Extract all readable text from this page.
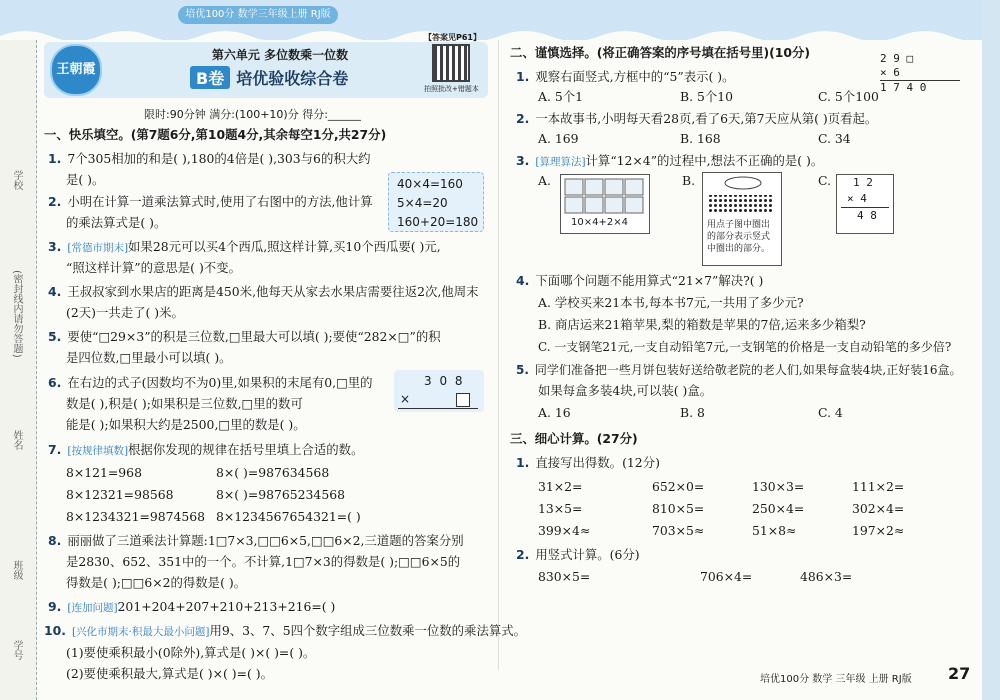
培优100分 数学三年级上册 RJ版
学校
(密封线内请勿答题)
姓名
班级
学号
王朝霞
第六单元 多位数乘一位数
B卷 培优验收综合卷
【答案见P61】
拍照批改+错题本
限时:90分钟 满分:(100+10)分 得分:______
一、快乐填空。(第7题6分,第10题4分,其余每空1分,共27分)
1. 7个305相加的和是( ),180的4倍是( ),303与6的积大约
是( )。
2. 小明在计算一道乘法算式时,使用了右图中的方法,他计算
的乘法算式是( )。
40×4=160
5×4=20
160+20=180
3. [常德市期末]如果28元可以买4个西瓜,照这样计算,买10个西瓜要( )元,
“照这样计算”的意思是( )不变。
4. 王叔叔家到水果店的距离是450米,他每天从家去水果店需要往返2次,他周末
(2天)一共走了( )米。
5. 要使“□29×3”的积是三位数,□里最大可以填( );要使“282×□”的积
是四位数,□里最小可以填( )。
6. 在右边的式子(因数均不为0)里,如果积的末尾有0,□里的
数是( ),积是( );如果积是三位数,□里的数可
能是( );如果积大约是2500,□里的数是( )。
3 0 8
×
7. [按规律填数]根据你发现的规律在括号里填上合适的数。
8×121=968	8×( )=987634568
8×12321=98568	8×( )=98765234568
8×1234321=9874568 8×1234567654321=( )
8. 丽丽做了三道乘法计算题:1□7×3,□□6×5,□□6×2,三道题的答案分别
是2830、652、351中的一个。不计算,1□7×3的得数是( );□□6×5的
得数是( );□□6×2的得数是( )。
9. [连加问题]201+204+207+210+213+216=( )
10. [兴化市期末·积最大最小问题]用9、3、7、5四个数字组成三位数乘一位数的乘法算式。
(1)要使乘积最小(0除外),算式是( )×( )=( )。
(2)要使乘积最大,算式是( )×( )=( )。
二、谨慎选择。(将正确答案的序号填在括号里)(10分)
1. 观察右面竖式,方框中的“5”表示( )。
2 9 □
× 6
1 7 4 0
A. 5个1	B. 5个10	C. 5个100
2. 一本故事书,小明每天看28页,看了6天,第7天应从第( )页看起。
A. 169	B. 168	C. 34
3. [算理算法]计算“12×4”的过程中,想法不正确的是( )。
A.
10×4+2×4
B.
用点子图中圈出的部分表示竖式中圈出的部分。
C.	1 2
× 4
4 8
4. 下面哪个问题不能用算式“21×7”解决?( )
A. 学校买来21本书,每本书7元,一共用了多少元?
B. 商店运来21箱苹果,梨的箱数是苹果的7倍,运来多少箱梨?
C. 一支钢笔21元,一支自动铅笔7元,一支钢笔的价格是一支自动铅笔的多少倍?
5. 同学们准备把一些月饼包装好送给敬老院的老人们,如果每盒装4块,正好装16盒。
如果每盒多装4块,可以装( )盒。
A. 16	B. 8	C. 4
三、细心计算。(27分)
1. 直接写出得数。(12分)
31×2=	652×0=	130×3=	111×2=
13×5=	810×5=	250×4=	302×4=
399×4≈	703×5≈	51×8≈	197×2≈
2. 用竖式计算。(6分)
830×5=	706×4=	486×3=
培优100分 数学 三年级 上册 RJ版 27
